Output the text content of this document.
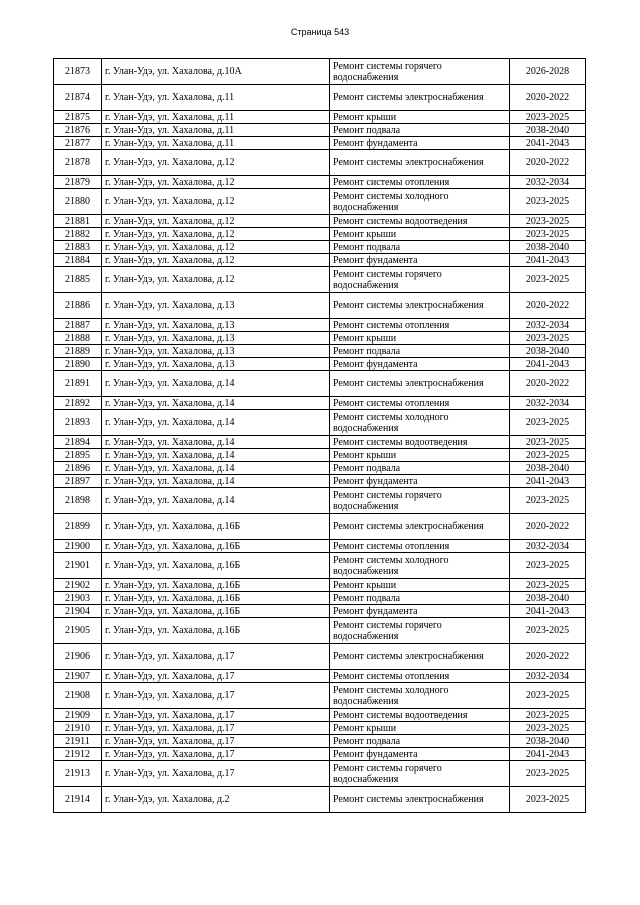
Страница 543
21873	г. Улан-Удэ, ул. Хахалова, д.10А	Ремонт системы горячего водоснабжения	2026-2028
21874	г. Улан-Удэ, ул. Хахалова, д.11	Ремонт системы электроснабжения	2020-2022
21875	г. Улан-Удэ, ул. Хахалова, д.11	Ремонт крыши	2023-2025
21876	г. Улан-Удэ, ул. Хахалова, д.11	Ремонт подвала	2038-2040
21877	г. Улан-Удэ, ул. Хахалова, д.11	Ремонт фундамента	2041-2043
21878	г. Улан-Удэ, ул. Хахалова, д.12	Ремонт системы электроснабжения	2020-2022
21879	г. Улан-Удэ, ул. Хахалова, д.12	Ремонт системы отопления	2032-2034
21880	г. Улан-Удэ, ул. Хахалова, д.12	Ремонт системы холодного водоснабжения	2023-2025
21881	г. Улан-Удэ, ул. Хахалова, д.12	Ремонт системы водоотведения	2023-2025
21882	г. Улан-Удэ, ул. Хахалова, д.12	Ремонт крыши	2023-2025
21883	г. Улан-Удэ, ул. Хахалова, д.12	Ремонт подвала	2038-2040
21884	г. Улан-Удэ, ул. Хахалова, д.12	Ремонт фундамента	2041-2043
21885	г. Улан-Удэ, ул. Хахалова, д.12	Ремонт системы горячего водоснабжения	2023-2025
21886	г. Улан-Удэ, ул. Хахалова, д.13	Ремонт системы электроснабжения	2020-2022
21887	г. Улан-Удэ, ул. Хахалова, д.13	Ремонт системы отопления	2032-2034
21888	г. Улан-Удэ, ул. Хахалова, д.13	Ремонт крыши	2023-2025
21889	г. Улан-Удэ, ул. Хахалова, д.13	Ремонт подвала	2038-2040
21890	г. Улан-Удэ, ул. Хахалова, д.13	Ремонт фундамента	2041-2043
21891	г. Улан-Удэ, ул. Хахалова, д.14	Ремонт системы электроснабжения	2020-2022
21892	г. Улан-Удэ, ул. Хахалова, д.14	Ремонт системы отопления	2032-2034
21893	г. Улан-Удэ, ул. Хахалова, д.14	Ремонт системы холодного водоснабжения	2023-2025
21894	г. Улан-Удэ, ул. Хахалова, д.14	Ремонт системы водоотведения	2023-2025
21895	г. Улан-Удэ, ул. Хахалова, д.14	Ремонт крыши	2023-2025
21896	г. Улан-Удэ, ул. Хахалова, д.14	Ремонт подвала	2038-2040
21897	г. Улан-Удэ, ул. Хахалова, д.14	Ремонт фундамента	2041-2043
21898	г. Улан-Удэ, ул. Хахалова, д.14	Ремонт системы горячего водоснабжения	2023-2025
21899	г. Улан-Удэ, ул. Хахалова, д.16Б	Ремонт системы электроснабжения	2020-2022
21900	г. Улан-Удэ, ул. Хахалова, д.16Б	Ремонт системы отопления	2032-2034
21901	г. Улан-Удэ, ул. Хахалова, д.16Б	Ремонт системы холодного водоснабжения	2023-2025
21902	г. Улан-Удэ, ул. Хахалова, д.16Б	Ремонт крыши	2023-2025
21903	г. Улан-Удэ, ул. Хахалова, д.16Б	Ремонт подвала	2038-2040
21904	г. Улан-Удэ, ул. Хахалова, д.16Б	Ремонт фундамента	2041-2043
21905	г. Улан-Удэ, ул. Хахалова, д.16Б	Ремонт системы горячего водоснабжения	2023-2025
21906	г. Улан-Удэ, ул. Хахалова, д.17	Ремонт системы электроснабжения	2020-2022
21907	г. Улан-Удэ, ул. Хахалова, д.17	Ремонт системы отопления	2032-2034
21908	г. Улан-Удэ, ул. Хахалова, д.17	Ремонт системы холодного водоснабжения	2023-2025
21909	г. Улан-Удэ, ул. Хахалова, д.17	Ремонт системы водоотведения	2023-2025
21910	г. Улан-Удэ, ул. Хахалова, д.17	Ремонт крыши	2023-2025
21911	г. Улан-Удэ, ул. Хахалова, д.17	Ремонт подвала	2038-2040
21912	г. Улан-Удэ, ул. Хахалова, д.17	Ремонт фундамента	2041-2043
21913	г. Улан-Удэ, ул. Хахалова, д.17	Ремонт системы горячего водоснабжения	2023-2025
21914	г. Улан-Удэ, ул. Хахалова, д.2	Ремонт системы электроснабжения	2023-2025
